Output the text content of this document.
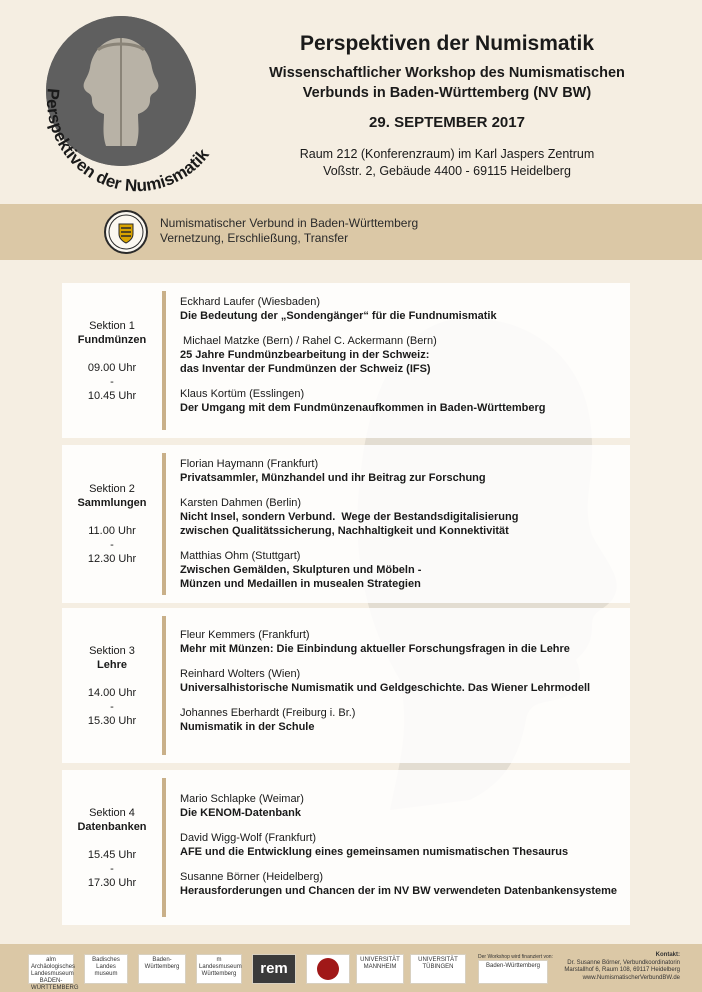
Perspektiven der Numismatik
Perspektiven der Numismatik
Wissenschaftlicher Workshop des Numismatischen
Verbunds in Baden-Württemberg (NV BW)
29. SEPTEMBER 2017
Raum 212 (Konferenzraum) im Karl Jaspers Zentrum
Voßstr. 2, Gebäude 4400 - 69115 Heidelberg
Numismatischer Verbund in Baden-Württemberg
Vernetzung, Erschließung, Transfer
Sektion 1
Fundmünzen
09.00 Uhr
-
10.45 Uhr
Eckhard Laufer (Wiesbaden)
Die Bedeutung der „Sondengänger“ für die Fundnumismatik
Michael Matzke (Bern) / Rahel C. Ackermann (Bern)
25 Jahre Fundmünzbearbeitung in der Schweiz:
das Inventar der Fundmünzen der Schweiz (IFS)
Klaus Kortüm (Esslingen)
Der Umgang mit dem Fundmünzenaufkommen in Baden-Württemberg
Sektion 2
Sammlungen
11.00 Uhr
-
12.30 Uhr
Florian Haymann (Frankfurt)
Privatsammler, Münzhandel und ihr Beitrag zur Forschung
Karsten Dahmen (Berlin)
Nicht Insel, sondern Verbund.  Wege der Bestandsdigitalisierung
zwischen Qualitätssicherung, Nachhaltigkeit und Konnektivität
Matthias Ohm (Stuttgart)
Zwischen Gemälden, Skulpturen und Möbeln -
Münzen und Medaillen in musealen Strategien
Sektion 3
Lehre
14.00 Uhr
-
15.30 Uhr
Fleur Kemmers (Frankfurt)
Mehr mit Münzen: Die Einbindung aktueller Forschungsfragen in die Lehre
Reinhard Wolters (Wien)
Universalhistorische Numismatik und Geldgeschichte. Das Wiener Lehrmodell
Johannes Eberhardt (Freiburg i. Br.)
Numismatik in der Schule
Sektion 4
Datenbanken
15.45 Uhr
-
17.30 Uhr
Mario Schlapke (Weimar)
Die KENOM-Datenbank
David Wigg-Wolf (Frankfurt)
AFE und die Entwicklung eines gemeinsamen numismatischen Thesaurus
Susanne Börner (Heidelberg)
Herausforderungen und Chancen der im NV BW verwendeten Datenbankensysteme
alm Archäologisches Landesmuseum BADEN-WÜRTTEMBERG
Badisches Landes museum
Baden-Württemberg
m Landesmuseum Württemberg	rem	UNIVERSITÄT MANNHEIM
UNIVERSITÄT TÜBINGEN	Baden-Württemberg
Der Workshop wird finanziert von:	Kontakt:
Dr. Susanne Börner, Verbundkoordinatorin
Marstallhof 6, Raum 108, 69117 Heidelberg
www.NumismatischerVerbundBW.de
